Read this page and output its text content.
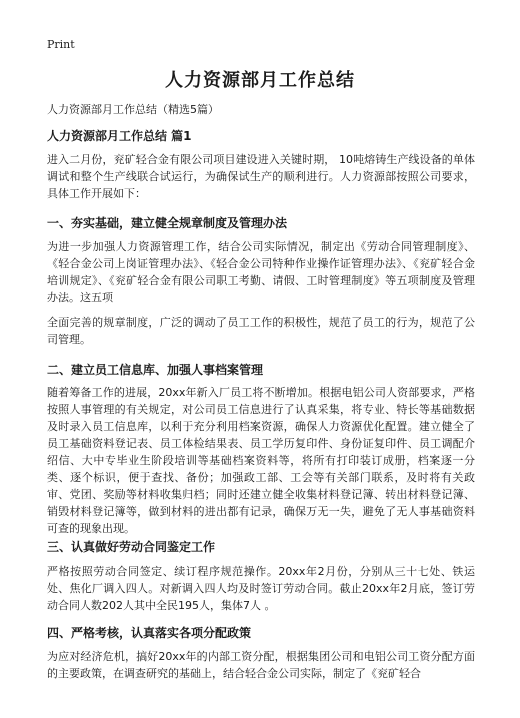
Print
人力资源部月工作总结
人力资源部月工作总结（精选5篇）
人力资源部月工作总结 篇1

进入二月份，兖矿轻合金有限公司项目建设进入关键时期， 10吨熔铸生产线设备的单体调试和整个生产线联合试运行，为确保试生产的顺利进行。人力资源部按照公司要求，具体工作开展如下：

一、夯实基础，建立健全规章制度及管理办法

为进一步加强人力资源管理工作，结合公司实际情况，制定出《劳动合同管理制度》、《轻合金公司上岗证管理办法》、《轻合金公司特种作业操作证管理办法》、《兖矿轻合金培训规定》、《兖矿轻合金有限公司职工考勤、请假、工时管理制度》等五项制度及管理办法。这五项

全面完善的规章制度，广泛的调动了员工工作的积极性，规范了员工的行为，规范了公司管理。

二、建立员工信息库、加强人事档案管理

随着筹备工作的进展，20xx年新入厂员工将不断增加。根据电铝公司人资部要求，严格按照人事管理的有关规定，对公司员工信息进行了认真采集，将专业、特长等基础数据及时录入员工信息库，以利于充分利用档案资源，确保人力资源优化配置。建立健全了员工基础资料登记表、员工体检结果表、员工学历复印件、身份证复印件、员工调配介绍信、大中专毕业生阶段培训等基础档案资料等，将所有打印装订成册，档案逐一分类、逐个标识，便于查找、备份；加强政工部、工会等有关部门联系，及时将有关政审、党团、奖励等材料收集归档；同时还建立健全收集材料登记簿、转出材料登记簿、销毁材料登记簿等，做到材料的进出都有记录，确保万无一失，避免了无人事基础资料可查的现象出现。

三、认真做好劳动合同鉴定工作

严格按照劳动合同签定、续订程序规范操作。20xx年2月份，分别从三十七处、铁运处、焦化厂调入四人。对新调入四人均及时签订劳动合同。截止20xx年2月底，签订劳动合同人数202人其中全民195人，集体7人 。

四、严格考核，认真落实各项分配政策

为应对经济危机，搞好20xx年的内部工资分配，根据集团公司和电铝公司工资分配方面的主要政策，在调查研究的基础上，结合轻合金公司实际，制定了《兖矿轻合
